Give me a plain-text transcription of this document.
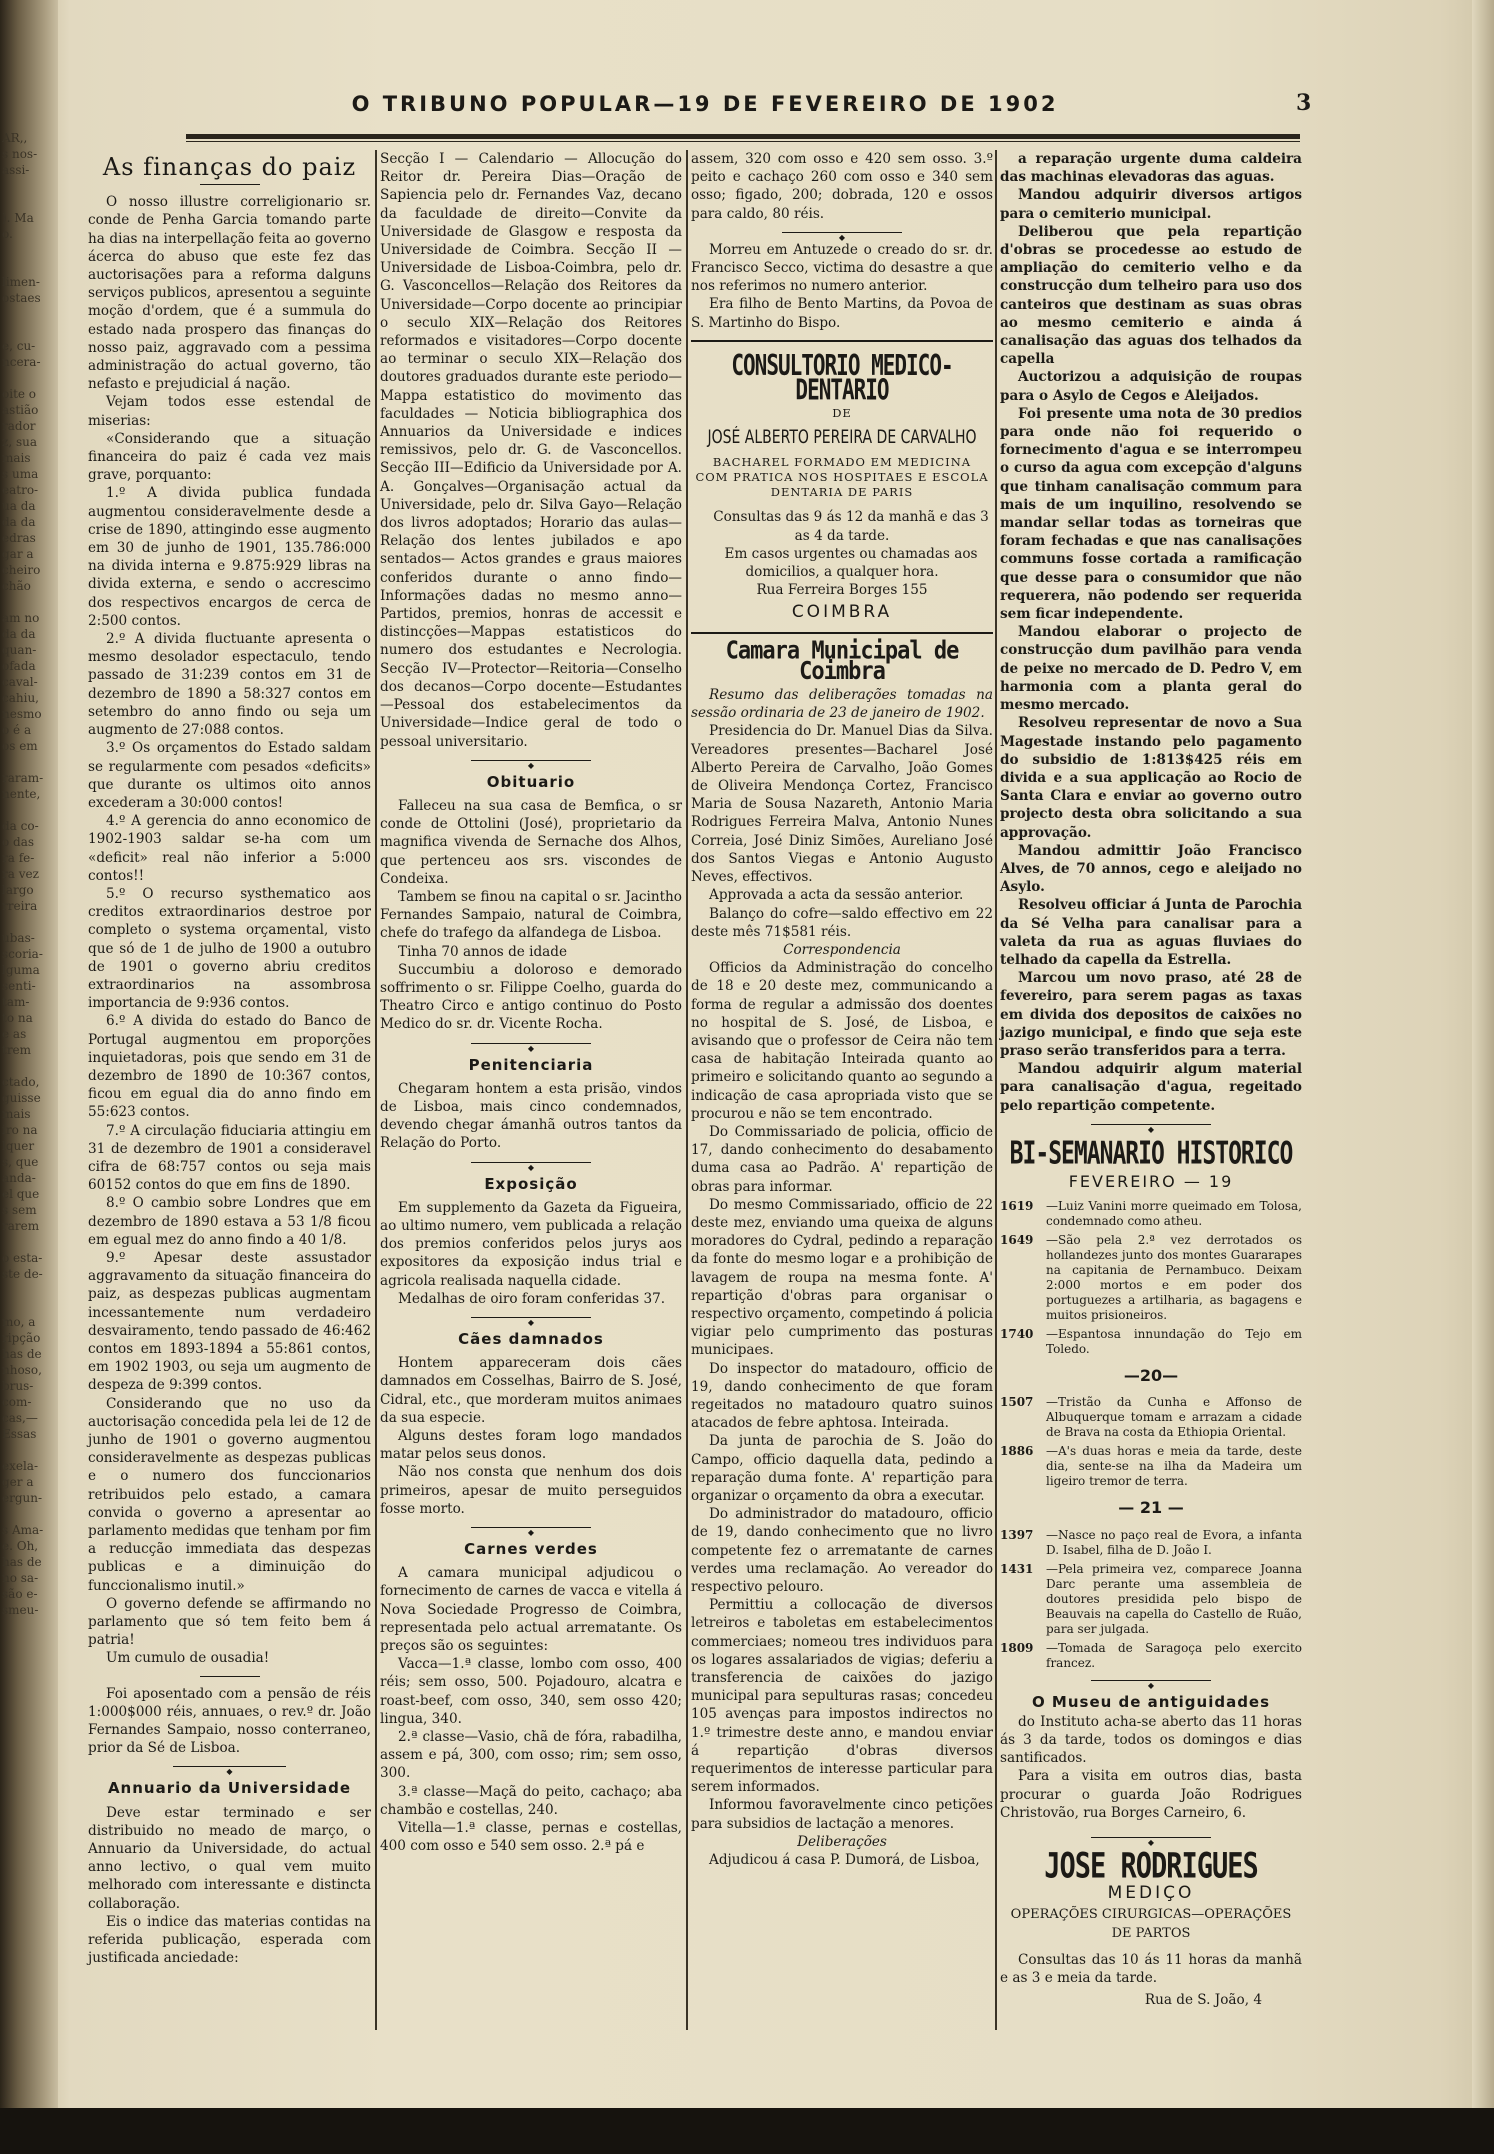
AR,,
s nos-
assi-
). Ma
o.
limen-
ostaes
e, cu-
ncera-
oite o
astião
rador
z, sua
mais
s uma
eatro-
ua da
da da
edras
gar a
cheiro
chão
am no
da da
quan-
ofada
caval-
cahiu,
nesmo
o é a
os em
raram-
nente,
da co-
o das
ra fe-
ra vez
largo
rreira
ubas-
scoria-
lguma
senti-
tam-
to na
e as
trem
ctado,
guisse
mais
iro na
lquer
s, que
anda-
el que
s sem
rarem
o esta-
ste de-
mo, a
ripção
has de
nhoso,
brus-
com-
cas,—
Essas
exela-
ger a
ergun-
s Ama-
e. Oh,
has de
no sa-
são e-
smeu-
O TRIBUNO POPULAR—19 DE FEVEREIRO DE 1902	3
As finanças do paiz

O nosso illustre correligionario sr. conde de Penha Garcia tomando parte ha dias na interpellação feita ao governo ácerca do abuso que este fez das auctorisações para a reforma dalguns serviços publicos, apresentou a seguinte moção d'ordem, que é a summula do estado nada prospero das finanças do nosso paiz, aggravado com a pessima administração do actual governo, tão nefasto e prejudicial á nação.

Vejam todos esse estendal de miserias:

«Considerando que a situação financeira do paiz é cada vez mais grave, porquanto:

1.º A divida publica fundada augmentou consideravelmente desde a crise de 1890, attingindo esse augmento em 30 de junho de 1901, 135.786:000 na divida interna e 9.875:929 libras na divida externa, e sendo o accrescimo dos respectivos encargos de cerca de 2:500 contos.

2.º A divida fluctuante apresenta o mesmo desolador espectaculo, tendo passado de 31:239 contos em 31 de dezembro de 1890 a 58:327 contos em setembro do anno findo ou seja um augmento de 27:088 contos.

3.º Os orçamentos do Estado saldam se regularmente com pesados «deficits» que durante os ultimos oito annos excederam a 30:000 contos!

4.º A gerencia do anno economico de 1902-1903 saldar se-ha com um «deficit» real não inferior a 5:000 contos!!

5.º O recurso systhematico aos creditos extraordinarios destroe por completo o systema orçamental, visto que só de 1 de julho de 1900 a outubro de 1901 o governo abriu creditos extraordinarios na assombrosa importancia de 9:936 contos.

6.º A divida do estado do Banco de Portugal augmentou em proporções inquietadoras, pois que sendo em 31 de dezembro de 1890 de 10:367 contos, ficou em egual dia do anno findo em 55:623 contos.

7.º A circulação fiduciaria attingiu em 31 de dezembro de 1901 a consideravel cifra de 68:757 contos ou seja mais 60152 contos do que em fins de 1890.

8.º O cambio sobre Londres que em dezembro de 1890 estava a 53 1/8 ficou em egual mez do anno findo a 40 1/8.

9.º Apesar deste assustador aggravamento da situação financeira do paiz, as despezas publicas augmentam incessantemente num verdadeiro desvairamento, tendo passado de 46:462 contos em 1893-1894 a 55:861 contos, em 1902 1903, ou seja um augmento de despeza de 9:399 contos.

Considerando que no uso da auctorisação concedida pela lei de 12 de junho de 1901 o governo augmentou consideravelmente as despezas publicas e o numero dos funccionarios retribuidos pelo estado, a camara convida o governo a apresentar ao parlamento medidas que tenham por fim a reducção immediata das despezas publicas e a diminuição do funccionalismo inutil.»

O governo defende se affirmando no parlamento que só tem feito bem á patria!

Um cumulo de ousadia!

Foi aposentado com a pensão de réis 1:000$000 réis, annuaes, o rev.º dr. João Fernandes Sampaio, nosso conterraneo, prior da Sé de Lisboa.

◆
Annuario da Universidade

Deve estar terminado e ser distribuido no meado de março, o Annuario da Universidade, do actual anno lectivo, o qual vem muito melhorado com interessante e distincta collaboração.

Eis o indice das materias contidas na referida publicação, esperada com justificada anciedade:

Secção I — Calendario — Allocução do Reitor dr. Pereira Dias—Oração de Sapiencia pelo dr. Fernandes Vaz, decano da faculdade de direito—Convite da Universidade de Glasgow e resposta da Universidade de Coimbra. Secção II — Universidade de Lisboa-Coimbra, pelo dr. G. Vasconcellos—Relação dos Reitores da Universidade—Corpo docente ao principiar o seculo XIX—Relação dos Reitores reformados e visitadores—Corpo docente ao terminar o seculo XIX—Relação dos doutores graduados durante este periodo—Mappa estatistico do movimento das faculdades — Noticia bibliographica dos Annuarios da Universidade e indices remissivos, pelo dr. G. de Vasconcellos. Secção III—Edificio da Universidade por A. A. Gonçalves—Organisação actual da Universidade, pelo dr. Silva Gayo—Relação dos livros adoptados; Horario das aulas—Relação dos lentes jubilados e apo sentados— Actos grandes e graus maiores conferidos durante o anno findo—Informações dadas no mesmo anno—Partidos, premios, honras de accessit e distincções—Mappas estatisticos do numero dos estudantes e Necrologia. Secção IV—Protector—Reitoria—Conselho dos decanos—Corpo docente—Estudantes—Pessoal dos estabelecimentos da Universidade—Indice geral de todo o pessoal universitario.

◆
Obituario

Falleceu na sua casa de Bemfica, o sr conde de Ottolini (José), proprietario da magnifica vivenda de Sernache dos Alhos, que pertenceu aos srs. viscondes de Condeixa.

Tambem se finou na capital o sr. Jacintho Fernandes Sampaio, natural de Coimbra, chefe do trafego da alfandega de Lisboa.

Tinha 70 annos de idade

Succumbiu a doloroso e demorado soffrimento o sr. Filippe Coelho, guarda do Theatro Circo e antigo continuo do Posto Medico do sr. dr. Vicente Rocha.

◆
Penitenciaria

Chegaram hontem a esta prisão, vindos de Lisboa, mais cinco condemnados, devendo chegar ámanhã outros tantos da Relação do Porto.

◆
Exposição

Em supplemento da Gazeta da Figueira, ao ultimo numero, vem publicada a relação dos premios conferidos pelos jurys aos expositores da exposição indus trial e agricola realisada naquella cidade.

Medalhas de oiro foram conferidas 37.

◆
Cães damnados

Hontem appareceram dois cães damnados em Cosselhas, Bairro de S. José, Cidral, etc., que morderam muitos animaes da sua especie.

Alguns destes foram logo mandados matar pelos seus donos.

Não nos consta que nenhum dos dois primeiros, apesar de muito perseguidos fosse morto.

◆
Carnes verdes

A camara municipal adjudicou o fornecimento de carnes de vacca e vitella á Nova Sociedade Progresso de Coimbra, representada pelo actual arrematante. Os preços são os seguintes:

Vacca—1.ª classe, lombo com osso, 400 réis; sem osso, 500. Pojadouro, alcatra e roast-beef, com osso, 340, sem osso 420; lingua, 340.

2.ª classe—Vasio, chã de fóra, rabadilha, assem e pá, 300, com osso; rim; sem osso, 300.

3.ª classe—Maçã do peito, cachaço; aba chambão e costellas, 240.

Vitella—1.ª classe, pernas e costellas, 400 com osso e 540 sem osso. 2.ª pá e

assem, 320 com osso e 420 sem osso. 3.º peito e cachaço 260 com osso e 340 sem osso; figado, 200; dobrada, 120 e ossos para caldo, 80 réis.

◆

Morreu em Antuzede o creado do sr. dr. Francisco Secco, victima do desastre a que nos referimos no numero anterior.

Era filho de Bento Martins, da Povoa de S. Martinho do Bispo.

CONSULTORIO MEDICO-DENTARIO
DE
JOSÉ ALBERTO PEREIRA DE CARVALHO
BACHAREL FORMADO EM MEDICINA COM PRATICA NOS HOSPITAES E ESCOLA DENTARIA DE PARIS

Consultas das 9 ás 12 da manhã e das 3 as 4 da tarde.

Em casos urgentes ou chamadas aos domicilios, a qualquer hora.

Rua Ferreira Borges 155
COIMBRA
Camara Municipal de Coimbra

Resumo das deliberações tomadas na sessão ordinaria de 23 de janeiro de 1902.

Presidencia do Dr. Manuel Dias da Silva. Vereadores presentes—Bacharel José Alberto Pereira de Carvalho, João Gomes de Oliveira Mendonça Cortez, Francisco Maria de Sousa Nazareth, Antonio Maria Rodrigues Ferreira Malva, Antonio Nunes Correia, José Diniz Simões, Aureliano José dos Santos Viegas e Antonio Augusto Neves, effectivos.

Approvada a acta da sessão anterior.

Balanço do cofre—saldo effectivo em 22 deste mês 71$581 réis.

Correspondencia

Officios da Administração do concelho de 18 e 20 deste mez, communicando a forma de regular a admissão dos doentes no hospital de S. José, de Lisboa, e avisando que o professor de Ceira não tem casa de habitação Inteirada quanto ao primeiro e solicitando quanto ao segundo a indicação de casa apropriada visto que se procurou e não se tem encontrado.

Do Commissariado de policia, officio de 17, dando conhecimento do desabamento duma casa ao Padrão. A' repartição de obras para informar.

Do mesmo Commissariado, officio de 22 deste mez, enviando uma queixa de alguns moradores do Cydral, pedindo a reparação da fonte do mesmo logar e a prohibição de lavagem de roupa na mesma fonte. A' repartição d'obras para organisar o respectivo orçamento, competindo á policia vigiar pelo cumprimento das posturas municipaes.

Do inspector do matadouro, officio de 19, dando conhecimento de que foram regeitados no matadouro quatro suinos atacados de febre aphtosa. Inteirada.

Da junta de parochia de S. João do Campo, officio daquella data, pedindo a reparação duma fonte. A' repartição para organizar o orçamento da obra a executar.

Do administrador do matadouro, officio de 19, dando conhecimento que no livro competente fez o arrematante de carnes verdes uma reclamação. Ao vereador do respectivo pelouro.

Permittiu a collocação de diversos letreiros e taboletas em estabelecimentos commerciaes; nomeou tres individuos para os logares assalariados de vigias; deferiu a transferencia de caixões do jazigo municipal para sepulturas rasas; concedeu 105 avenças para impostos indirectos no 1.º trimestre deste anno, e mandou enviar á repartição d'obras diversos requerimentos de interesse particular para serem informados.

Informou favoravelmente cinco petições para subsidios de lactação a menores.

Deliberações

Adjudicou á casa P. Dumorá, de Lisboa,

a reparação urgente duma caldeira das machinas elevadoras das aguas.

Mandou adquirir diversos artigos para o cemiterio municipal.

Deliberou que pela repartição d'obras se procedesse ao estudo de ampliação do cemiterio velho e da construcção dum telheiro para uso dos canteiros que destinam as suas obras ao mesmo cemiterio e ainda á canalisação das aguas dos telhados da capella

Auctorizou a adquisição de roupas para o Asylo de Cegos e Aleijados.

Foi presente uma nota de 30 predios para onde não foi requerido o fornecimento d'agua e se interrompeu o curso da agua com excepção d'alguns que tinham canalisação commum para mais de um inquilino, resolvendo se mandar sellar todas as torneiras que foram fechadas e que nas canalisações communs fosse cortada a ramificação que desse para o consumidor que não requerera, não podendo ser requerida sem ficar independente.

Mandou elaborar o projecto de construcção dum pavilhão para venda de peixe no mercado de D. Pedro V, em harmonia com a planta geral do mesmo mercado.

Resolveu representar de novo a Sua Magestade instando pelo pagamento do subsidio de 1:813$425 réis em divida e a sua applicação ao Rocio de Santa Clara e enviar ao governo outro projecto desta obra solicitando a sua approvação.

Mandou admittir João Francisco Alves, de 70 annos, cego e aleijado no Asylo.

Resolveu officiar á Junta de Parochia da Sé Velha para canalisar para a valeta da rua as aguas fluviaes do telhado da capella da Estrella.

Marcou um novo praso, até 28 de fevereiro, para serem pagas as taxas em divida dos depositos de caixões no jazigo municipal, e findo que seja este praso serão transferidos para a terra.

Mandou adquirir algum material para canalisação d'agua, regeitado pelo repartição competente.

◆
BI-SEMANARIO HISTORICO
FEVEREIRO — 19
1619 —Luiz Vanini morre queimado em Tolosa, condemnado como atheu.
1649 —São pela 2.ª vez derrotados os hollandezes junto dos montes Guararapes na capitania de Pernambuco. Deixam 2:000 mortos e em poder dos portuguezes a artilharia, as bagagens e muitos prisioneiros.
1740 —Espantosa innundação do Tejo em Toledo.
—20—
1507 —Tristão da Cunha e Affonso de Albuquerque tomam e arrazam a cidade de Brava na costa da Ethiopia Oriental.
1886 —A's duas horas e meia da tarde, deste dia, sente-se na ilha da Madeira um ligeiro tremor de terra.
— 21 —
1397 —Nasce no paço real de Evora, a infanta D. Isabel, filha de D. João I.
1431 —Pela primeira vez, comparece Joanna Darc perante uma assembleia de doutores presidida pelo bispo de Beauvais na capella do Castello de Ruão, para ser julgada.
1809 —Tomada de Saragoça pelo exercito francez.
◆
O Museu de antiguidades

do Instituto acha-se aberto das 11 horas ás 3 da tarde, todos os domingos e dias santificados.

Para a visita em outros dias, basta procurar o guarda João Rodrigues Christovão, rua Borges Carneiro, 6.

◆
JOSE RODRIGUES
MEDIÇO
OPERAÇÕES CIRURGICAS—OPERAÇÕES DE PARTOS

Consultas das 10 ás 11 horas da manhã e as 3 e meia da tarde.

Rua de S. João, 4
